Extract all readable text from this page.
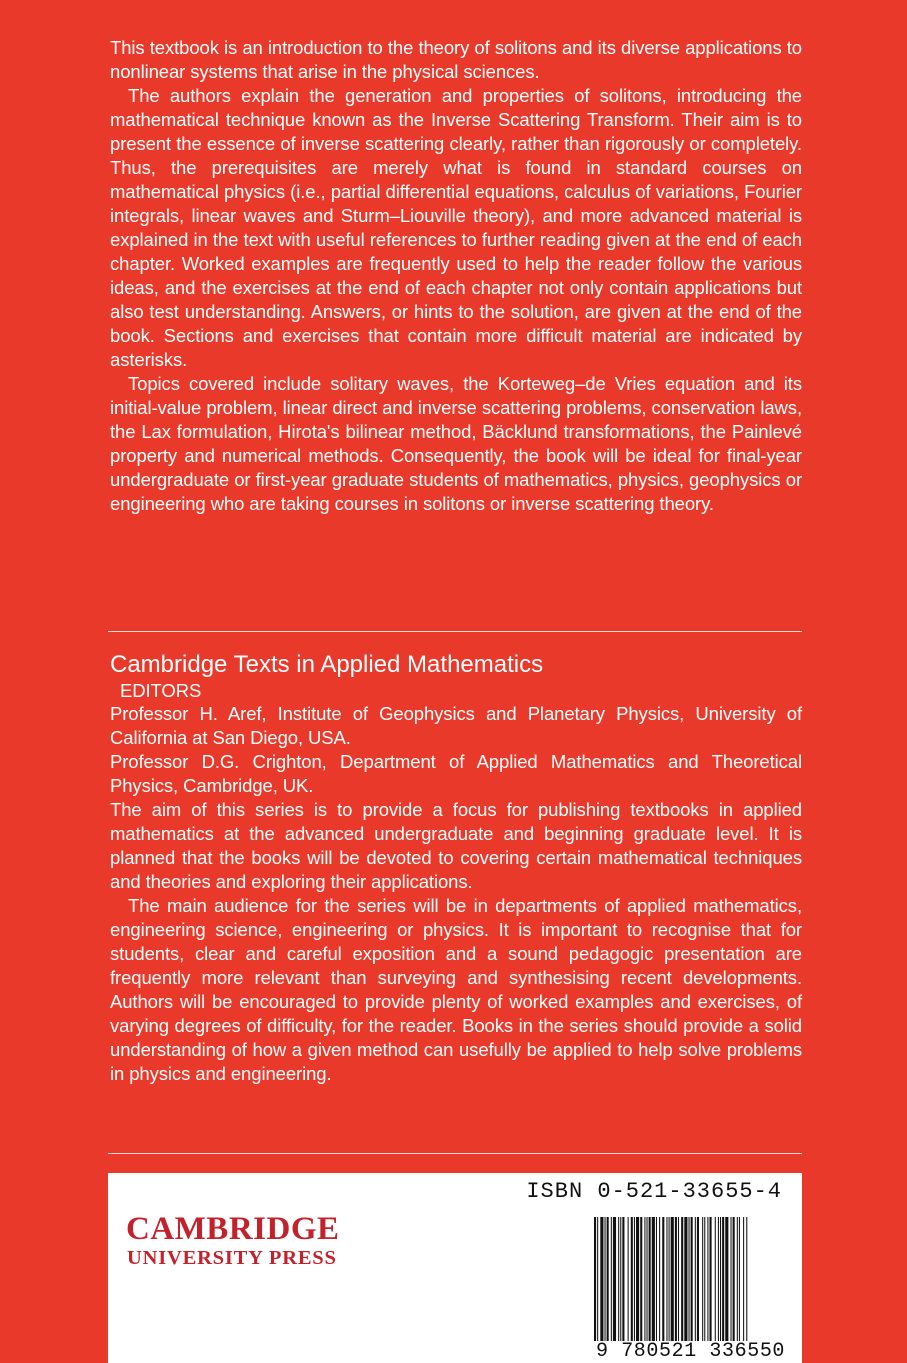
This textbook is an introduction to the theory of solitons and its diverse applications to nonlinear systems that arise in the physical sciences.

The authors explain the generation and properties of solitons, introducing the mathematical technique known as the Inverse Scattering Transform. Their aim is to present the essence of inverse scattering clearly, rather than rigorously or completely. Thus, the prerequisites are merely what is found in standard courses on mathematical physics (i.e., partial differential equations, calculus of variations, Fourier integrals, linear waves and Sturm–Liouville theory), and more advanced material is explained in the text with useful references to further reading given at the end of each chapter. Worked examples are frequently used to help the reader follow the various ideas, and the exercises at the end of each chapter not only contain applications but also test understanding. Answers, or hints to the solution, are given at the end of the book. Sections and exercises that contain more difficult material are indicated by asterisks.

Topics covered include solitary waves, the Korteweg–de Vries equation and its initial-value problem, linear direct and inverse scattering problems, conservation laws, the Lax formulation, Hirota's bilinear method, Bäcklund transformations, the Painlevé property and numerical methods. Consequently, the book will be ideal for final-year undergraduate or first-year graduate students of mathematics, physics, geophysics or engineering who are taking courses in solitons or inverse scattering theory.

Cambridge Texts in Applied Mathematics
EDITORS

Professor H. Aref, Institute of Geophysics and Planetary Physics, University of California at San Diego, USA.

Professor D.G. Crighton, Department of Applied Mathematics and Theoretical Physics, Cambridge, UK.

The aim of this series is to provide a focus for publishing textbooks in applied mathematics at the advanced undergraduate and beginning graduate level. It is planned that the books will be devoted to covering certain mathematical techniques and theories and exploring their applications.

The main audience for the series will be in departments of applied mathematics, engineering science, engineering or physics. It is important to recognise that for students, clear and careful exposition and a sound pedagogic presentation are frequently more relevant than surveying and synthesising recent developments. Authors will be encouraged to provide plenty of worked examples and exercises, of varying degrees of difficulty, for the reader. Books in the series should provide a solid understanding of how a given method can usefully be applied to help solve problems in physics and engineering.

CAMBRIDGE
UNIVERSITY PRESS
ISBN 0-521-33655-4
9 780521 336550
